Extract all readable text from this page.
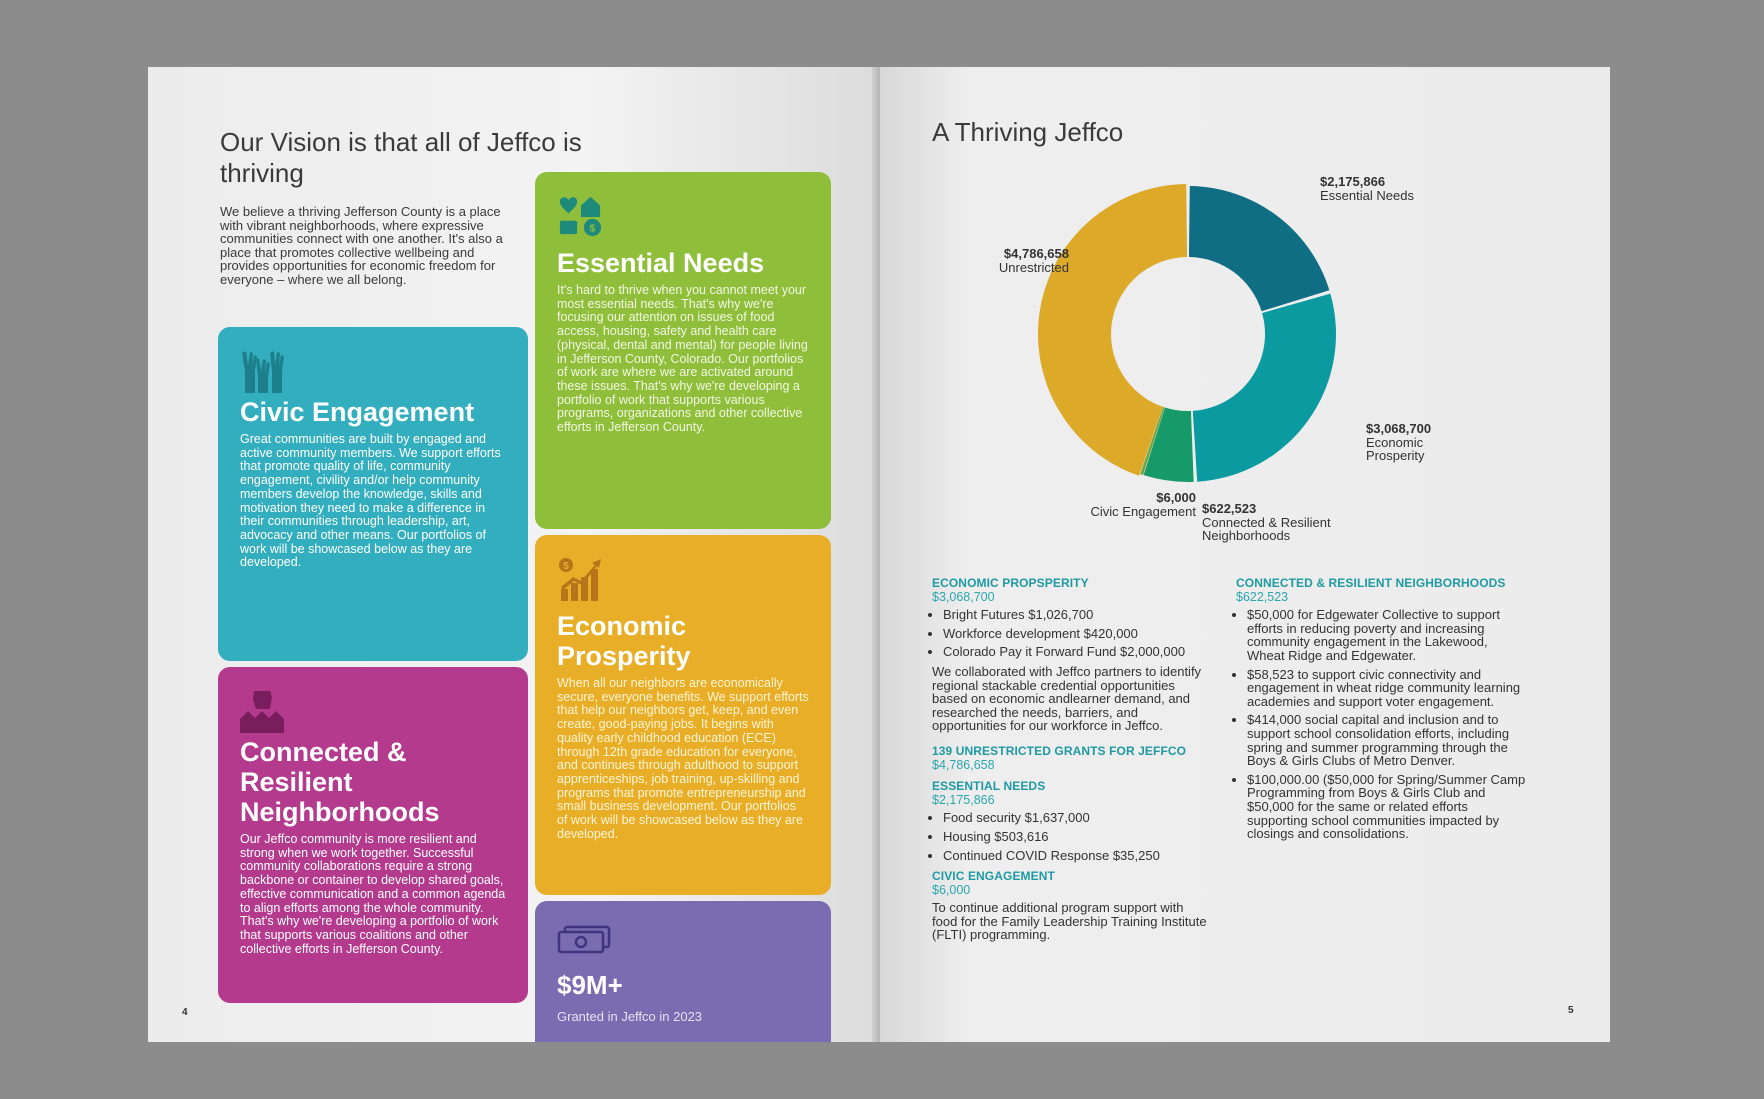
Our Vision is that all of Jeffco is thriving
We believe a thriving Jefferson County is a place with vibrant neighborhoods, where expressive communities connect with one another. It's also a place that promotes collective wellbeing and provides opportunities for economic freedom for everyone – where we all belong.
Civic Engagement
Great communities are built by engaged and active community members. We support efforts that promote quality of life, community engagement, civility and/or help community members develop the knowledge, skills and motivation they need to make a difference in their communities through leadership, art, advocacy and other means. Our portfolios of work will be showcased below as they are developed.
$
Essential Needs
It's hard to thrive when you cannot meet your most essential needs. That's why we're focusing our attention on issues of food access, housing, safety and health care (physical, dental and mental) for people living in Jefferson County, Colorado. Our portfolios of work are where we are activated around these issues. That's why we're developing a portfolio of work that supports various programs, organizations and other collective efforts in Jefferson County.
Connected & Resilient Neighborhoods
Our Jeffco community is more resilient and strong when we work together. Successful community collaborations require a strong backbone or container to develop shared goals, effective communication and a common agenda to align efforts among the whole community. That's why we're developing a portfolio of work that supports various coalitions and other collective efforts in Jefferson County.
$
Economic Prosperity
When all our neighbors are economically secure, everyone benefits. We support efforts that help our neighbors get, keep, and even create, good-paying jobs. It begins with quality early childhood education (ECE) through 12th grade education for everyone, and continues through adulthood to support apprenticeships, job training, up-skilling and programs that promote entrepreneurship and small business development. Our portfolios of work will be showcased below as they are developed.
$9M+
Granted in Jeffco in 2023
4
A Thriving Jeffco
$2,175,866
Essential Needs
$3,068,700
Economic Prosperity
$622,523
Connected & Resilient Neighborhoods
$6,000
Civic Engagement
$4,786,658
Unrestricted
ECONOMIC PROPSPERITY
$3,068,700
• Bright Futures $1,026,700
• Workforce development $420,000
• Colorado Pay it Forward Fund $2,000,000

We collaborated with Jeffco partners to identify regional stackable credential opportunities based on economic andlearner demand, and researched the needs, barriers, and opportunities for our workforce in Jeffco.

139 UNRESTRICTED GRANTS FOR JEFFCO
$4,786,658
ESSENTIAL NEEDS
$2,175,866
• Food security $1,637,000
• Housing $503,616
• Continued COVID Response $35,250
CIVIC ENGAGEMENT
$6,000

To continue additional program support with food for the Family Leadership Training Institute (FLTI) programming.

CONNECTED & RESILIENT NEIGHBORHOODS
$622,523
• $50,000 for Edgewater Collective to support efforts in reducing poverty and increasing community engagement in the Lakewood, Wheat Ridge and Edgewater.
• $58,523 to support civic connectivity and engagement in wheat ridge community learning academies and support voter engagement.
• $414,000 social capital and inclusion and to support school consolidation efforts, including spring and summer programming through the Boys & Girls Clubs of Metro Denver.
• $100,000.00 ($50,000 for Spring/Summer Camp Programming from Boys & Girls Club and $50,000 for the same or related efforts supporting school communities impacted by closings and consolidations.
5
